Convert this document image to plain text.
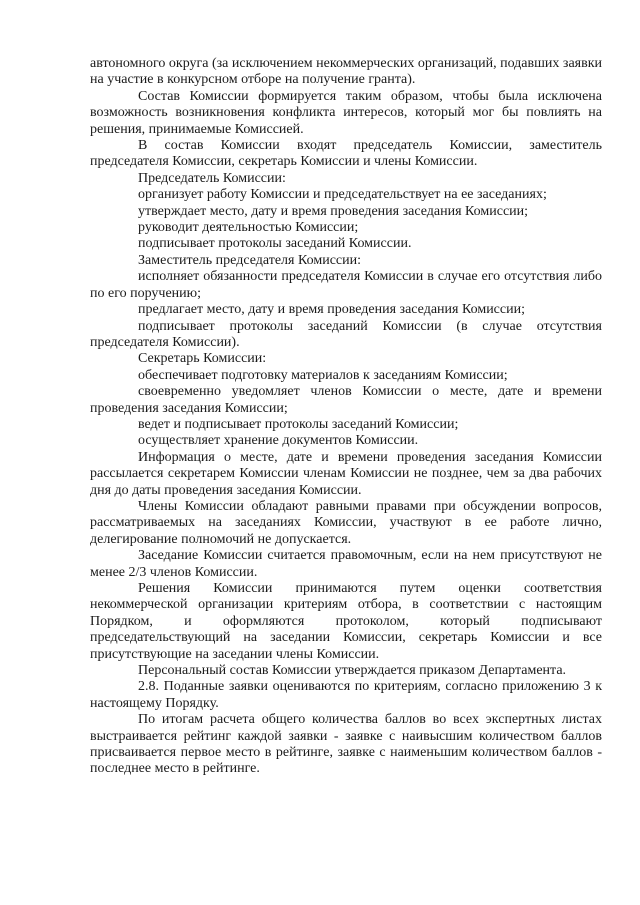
автономного округа (за исключением некоммерческих организаций, подавших заявки на участие в конкурсном отборе на получение гранта).

Состав Комиссии формируется таким образом, чтобы была исключена возможность возникновения конфликта интересов, который мог бы повлиять на решения, принимаемые Комиссией.

В состав Комиссии входят председатель Комиссии, заместитель председателя Комиссии, секретарь Комиссии и члены Комиссии.

Председатель Комиссии:

организует работу Комиссии и председательствует на ее заседаниях;

утверждает место, дату и время проведения заседания Комиссии;

руководит деятельностью Комиссии;

подписывает протоколы заседаний Комиссии.

Заместитель председателя Комиссии:

исполняет обязанности председателя Комиссии в случае его отсутствия либо по его поручению;

предлагает место, дату и время проведения заседания Комиссии;

подписывает протоколы заседаний Комиссии (в случае отсутствия председателя Комиссии).

Секретарь Комиссии:

обеспечивает подготовку материалов к заседаниям Комиссии;

своевременно уведомляет членов Комиссии о месте, дате и времени проведения заседания Комиссии;

ведет и подписывает протоколы заседаний Комиссии;

осуществляет хранение документов Комиссии.

Информация о месте, дате и времени проведения заседания Комиссии рассылается секретарем Комиссии членам Комиссии не позднее, чем за два рабочих дня до даты проведения заседания Комиссии.

Члены Комиссии обладают равными правами при обсуждении вопросов, рассматриваемых на заседаниях Комиссии, участвуют в ее работе лично, делегирование полномочий не допускается.

Заседание Комиссии считается правомочным, если на нем присутствуют не менее 2/3 членов Комиссии.

Решения Комиссии принимаются путем оценки соответствия некоммерческой организации критериям отбора, в соответствии с настоящим Порядком, и оформляются протоколом, который подписывают председательствующий на заседании Комиссии, секретарь Комиссии и все присутствующие на заседании члены Комиссии.

Персональный состав Комиссии утверждается приказом Департамента.

2.8. Поданные заявки оцениваются по критериям, согласно приложению 3 к настоящему Порядку.

По итогам расчета общего количества баллов во всех экспертных листах выстраивается рейтинг каждой заявки - заявке с наивысшим количеством баллов присваивается первое место в рейтинге, заявке с наименьшим количеством баллов - последнее место в рейтинге.
